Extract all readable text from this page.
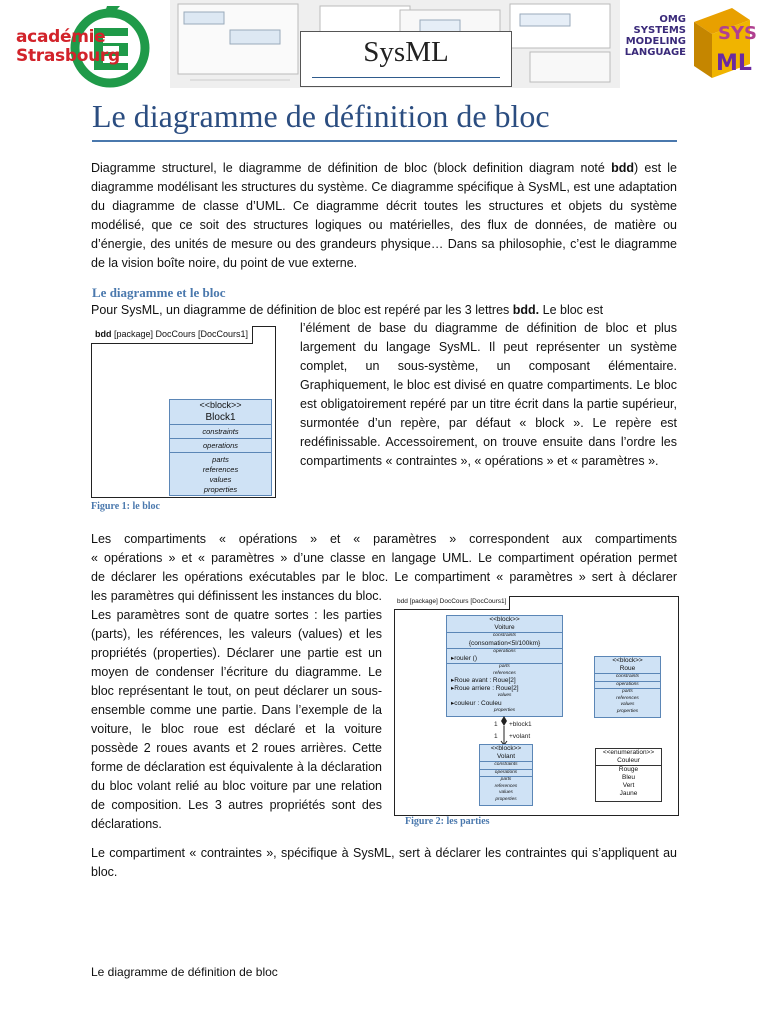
académie
Strasbourg	SysML
OMG
SYSTEMS
MODELING
LANGUAGE
SYS
ML
Le diagramme de définition de bloc
Diagramme structurel, le diagramme de définition de bloc (block definition diagram noté bdd) est le diagramme modélisant les structures du système. Ce diagramme spécifique à SysML, est une adaptation du diagramme de classe d’UML. Ce diagramme décrit toutes les structures et objets du système modélisé, que ce soit des structures logiques ou matérielles, des flux de données, de matière ou d’énergie, des unités de mesure ou des grandeurs physique… Dans sa philosophie, c’est le diagramme de la vision boîte noire, du point de vue externe.
Le diagramme et le bloc
Pour SysML, un diagramme de définition de bloc est repéré par les 3 lettres bdd. Le bloc est
l’élément de base du diagramme de définition de bloc et plus largement du langage SysML. Il peut représenter un système complet, un sous-système, un composant élémentaire. Graphiquement, le bloc est divisé en quatre compartiments. Le bloc est obligatoirement repéré par un titre écrit dans la partie supérieur, surmontée d’un repère, par défaut « block ». Le repère est redéfinissable. Accessoirement, on trouve ensuite dans l’ordre les compartiments « contraintes », « opérations » et « paramètres ».
bdd [package] DocCours [DocCours1]
<<block>>
Block1
constraints
operations
parts
references
values
properties
Figure 1: le bloc
Les compartiments « opérations » et « paramètres » correspondent aux compartiments
« opérations » et « paramètres » d’une classe en langage UML. Le compartiment opération permet
de déclarer les opérations exécutables par le bloc. Le compartiment « paramètres » sert à déclarer
les paramètres qui définissent les instances du bloc. Les paramètres sont de quatre sortes : les parties (parts), les références, les valeurs (values) et les propriétés (properties). Déclarer une partie est un moyen de condenser l’écriture du diagramme. Le bloc représentant le tout, on peut déclarer un sous-ensemble comme une partie. Dans l’exemple de la voiture, le bloc roue est déclaré et la voiture possède 2 roues avants et 2 roues arrières. Cette forme de déclaration est équivalente à la déclaration du bloc volant relié au bloc voiture par une relation de composition. Les 3 autres propriétés sont des déclarations.
bdd [package] DocCours [DocCours1]
<<block>>
Voiture
constraints
{consomation<5l/100km}
operations
▸rouler ()
parts
references
▸Roue avant : Roue[2]
▸Roue arriere : Roue[2]
values
▸couleur : Couleu
properties
<<block>>
Roue
constraints
operations
parts
references
values
properties
1 +block1
1 +volant
<<block>>
Volant
constraints
operations
parts
references
values
properties
<<enumeration>>
Couleur
Rouge
Bleu
Vert
Jaune
Figure 2: les parties
Le compartiment « contraintes », spécifique à SysML, sert à déclarer les contraintes qui s’appliquent au bloc.
Le diagramme de définition de bloc
